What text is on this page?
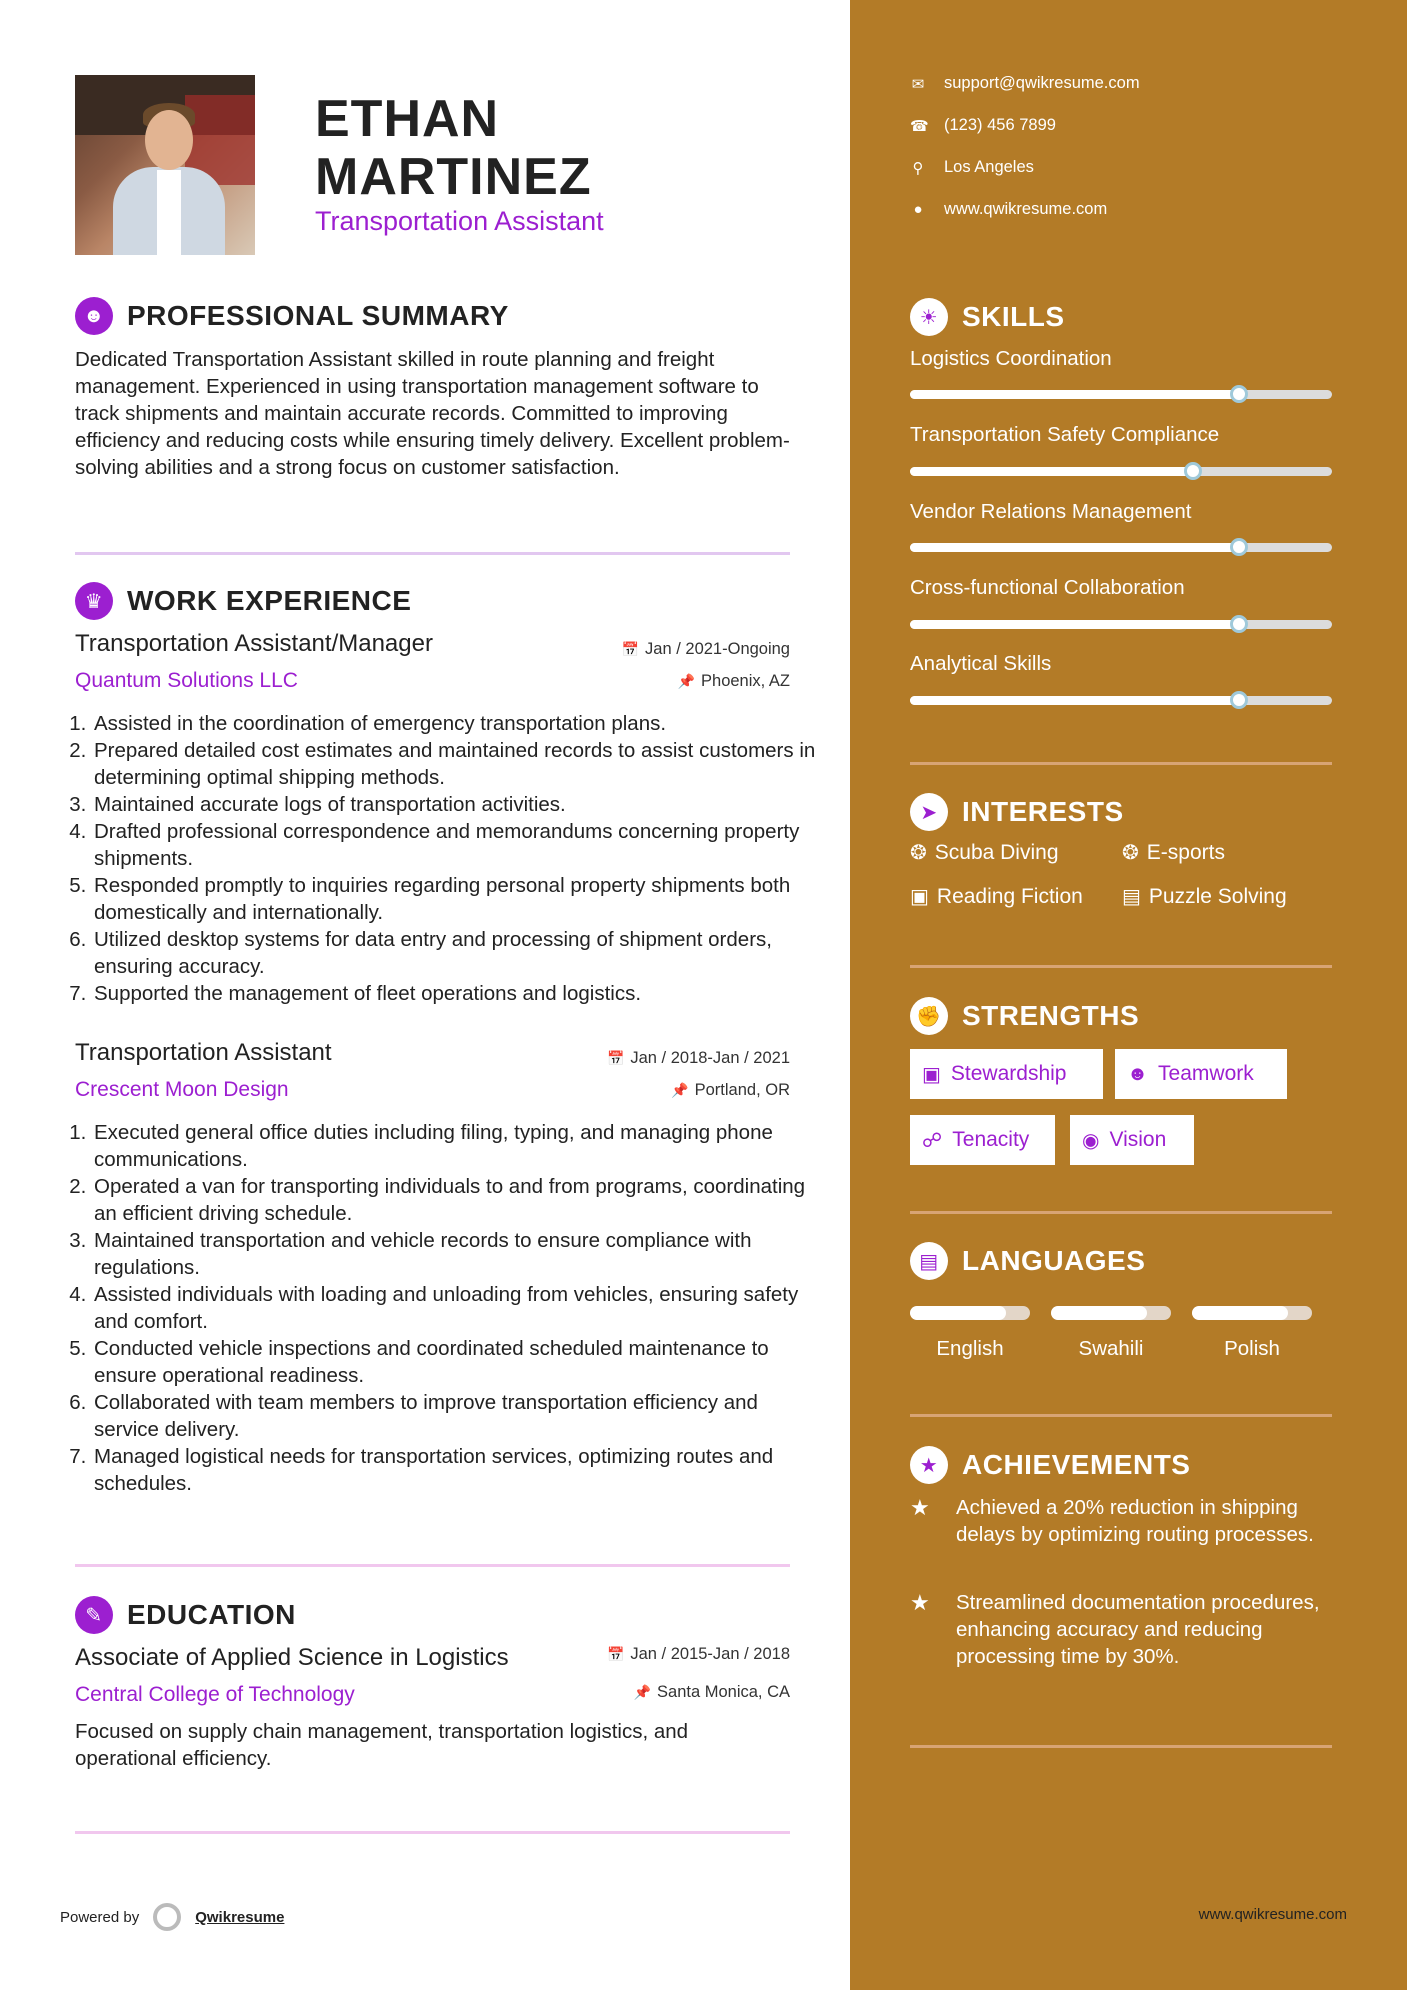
ETHAN
MARTINEZ
Transportation Assistant
☻ PROFESSIONAL SUMMARY

Dedicated Transportation Assistant skilled in route planning and freight management. Experienced in using transportation management software to track shipments and maintain accurate records. Committed to improving efficiency and reducing costs while ensuring timely delivery. Excellent problem-solving abilities and a strong focus on customer satisfaction.

♛ WORK EXPERIENCE
Transportation Assistant/Manager	📅 Jan / 2021-Ongoing
Quantum Solutions LLC	📌 Phoenix, AZ
1. Assisted in the coordination of emergency transportation plans.
2. Prepared detailed cost estimates and maintained records to assist customers in determining optimal shipping methods.
3. Maintained accurate logs of transportation activities.
4. Drafted professional correspondence and memorandums concerning property shipments.
5. Responded promptly to inquiries regarding personal property shipments both domestically and internationally.
6. Utilized desktop systems for data entry and processing of shipment orders, ensuring accuracy.
7. Supported the management of fleet operations and logistics.
Transportation Assistant	📅 Jan / 2018-Jan / 2021
Crescent Moon Design	📌 Portland, OR
1. Executed general office duties including filing, typing, and managing phone communications.
2. Operated a van for transporting individuals to and from programs, coordinating an efficient driving schedule.
3. Maintained transportation and vehicle records to ensure compliance with regulations.
4. Assisted individuals with loading and unloading from vehicles, ensuring safety and comfort.
5. Conducted vehicle inspections and coordinated scheduled maintenance to ensure operational readiness.
6. Collaborated with team members to improve transportation efficiency and service delivery.
7. Managed logistical needs for transportation services, optimizing routes and schedules.
✎ EDUCATION
Associate of Applied Science in Logistics	📅 Jan / 2015-Jan / 2018
Central College of Technology	📌 Santa Monica, CA

Focused on supply chain management, transportation logistics, and operational efficiency.

Powered by	Qwikresume
✉ support@qwikresume.com
☎ (123) 456 7899
⚲ Los Angeles
● www.qwikresume.com
☀ SKILLS
Logistics Coordination
Transportation Safety Compliance
Vendor Relations Management
Cross-functional Collaboration
Analytical Skills
➤ INTERESTS
❂ Scuba Diving	❂ E-sports
▣ Reading Fiction ▤ Puzzle Solving
✊ STRENGTHS
▣ Stewardship	☻ Teamwork
☍ Tenacity	◉ Vision
▤ LANGUAGES
English	Swahili	Polish
★ ACHIEVEMENTS
★	Achieved a 20% reduction in shipping delays by optimizing routing processes.
★	Streamlined documentation procedures, enhancing accuracy and reducing processing time by 30%.
www.qwikresume.com
